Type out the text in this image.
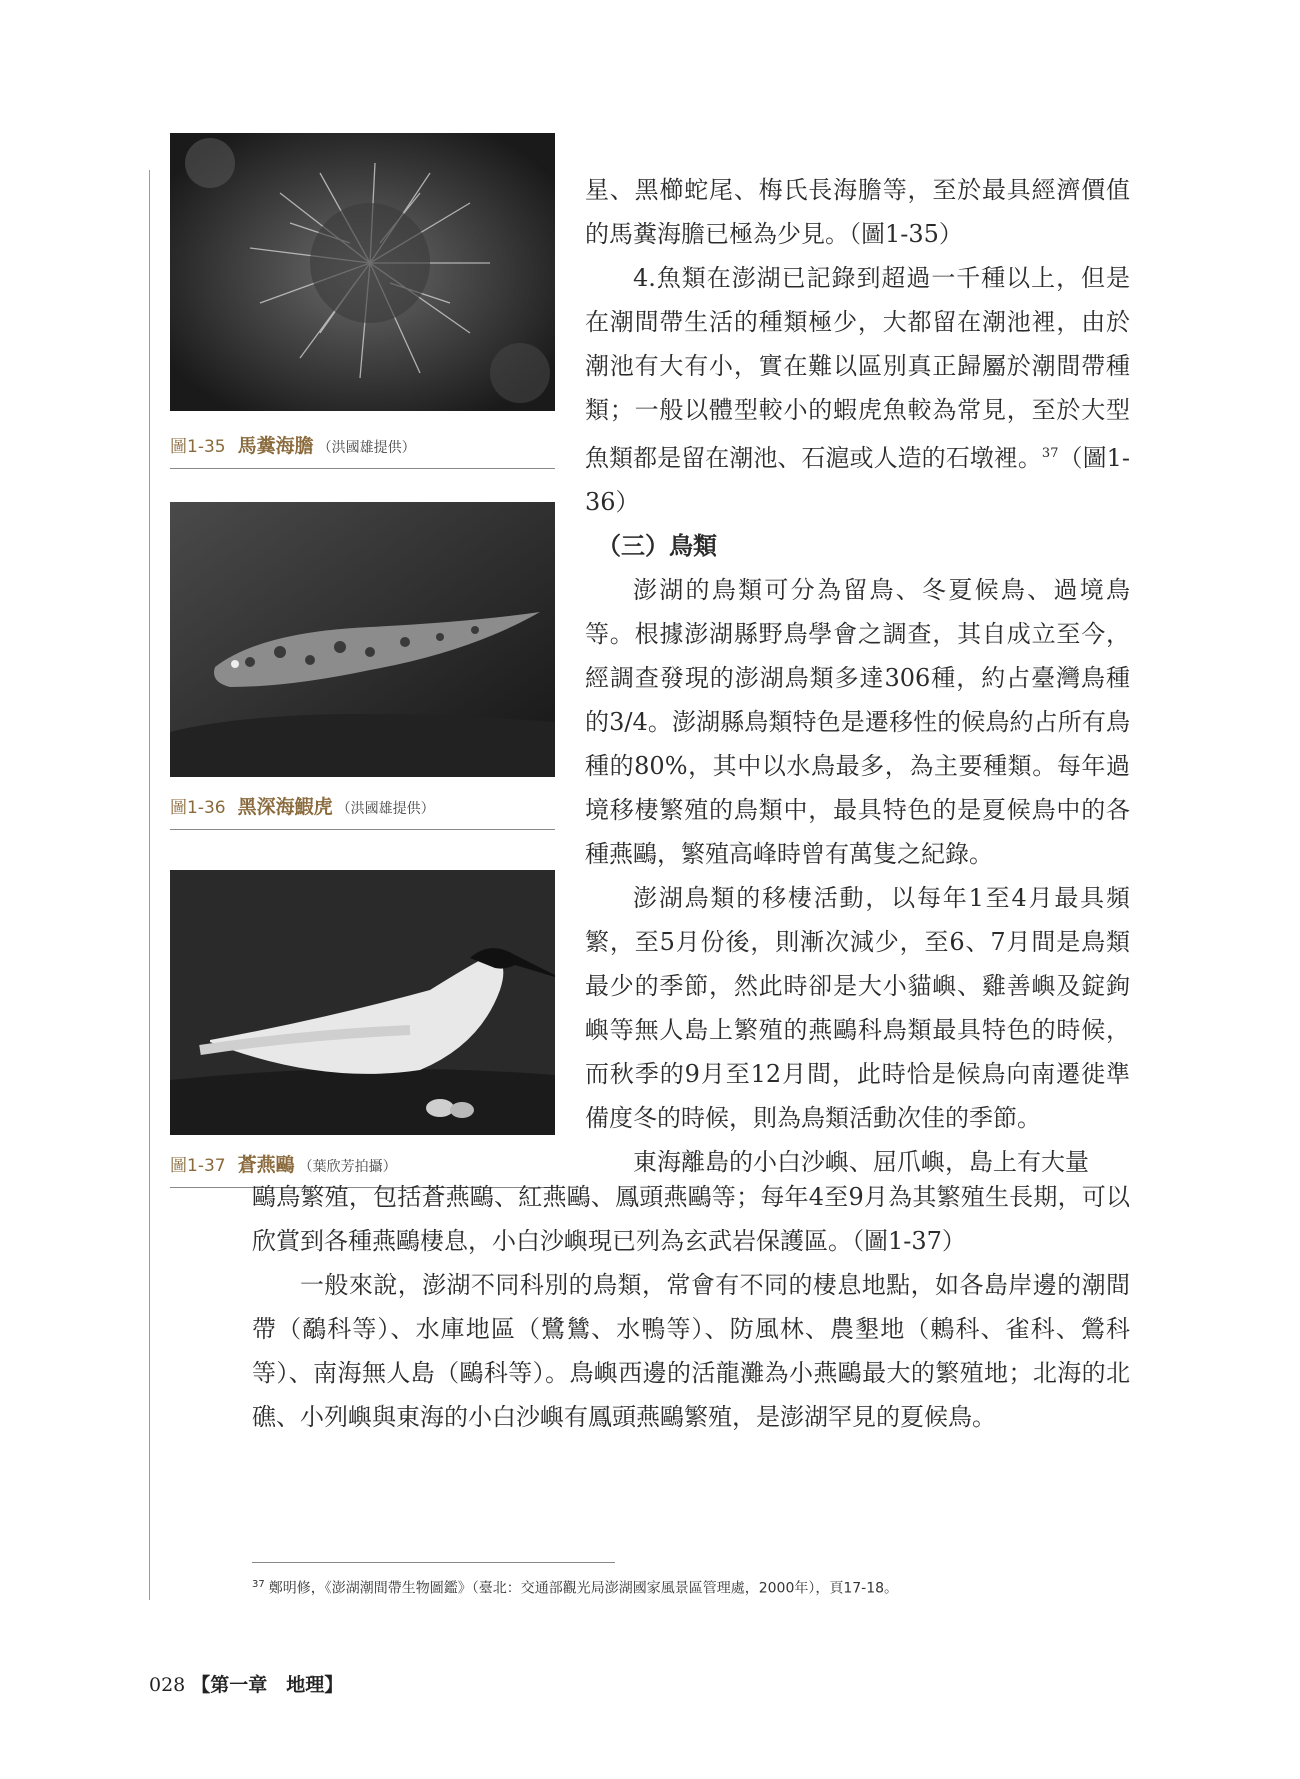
圖1-35 馬糞海膽 （洪國雄提供）
圖1-36 黑深海鰕虎 （洪國雄提供）
圖1-37 蒼燕鷗 （葉欣芳拍攝）

星、黑櫛蛇尾、梅氏長海膽等，至於最具經濟價值的馬糞海膽已極為少見。（圖1-35）

4.魚類在澎湖已記錄到超過一千種以上，但是在潮間帶生活的種類極少，大都留在潮池裡，由於潮池有大有小，實在難以區別真正歸屬於潮間帶種類；一般以體型較小的蝦虎魚較為常見，至於大型魚類都是留在潮池、石滬或人造的石墩裡。$^{37}$（圖1-36）

（三）鳥類

澎湖的鳥類可分為留鳥、冬夏候鳥、過境鳥等。根據澎湖縣野鳥學會之調查，其自成立至今，經調查發現的澎湖鳥類多達306種，約占臺灣鳥種的3/4。澎湖縣鳥類特色是遷移性的候鳥約占所有鳥種的80%，其中以水鳥最多，為主要種類。每年過境移棲繁殖的鳥類中，最具特色的是夏候鳥中的各種燕鷗，繁殖高峰時曾有萬隻之紀錄。

澎湖鳥類的移棲活動，以每年1至4月最具頻繁，至5月份後，則漸次減少，至6、7月間是鳥類最少的季節，然此時卻是大小貓嶼、雞善嶼及錠鉤嶼等無人島上繁殖的燕鷗科鳥類最具特色的時候，而秋季的9月至12月間，此時恰是候鳥向南遷徙準備度冬的時候，則為鳥類活動次佳的季節。

東海離島的小白沙嶼、屈爪嶼，島上有大量

鷗鳥繁殖，包括蒼燕鷗、紅燕鷗、鳳頭燕鷗等；每年4至9月為其繁殖生長期，可以欣賞到各種燕鷗棲息，小白沙嶼現已列為玄武岩保護區。（圖1-37）

一般來說，澎湖不同科別的鳥類，常會有不同的棲息地點，如各島岸邊的潮間帶（鷸科等）、水庫地區（鷺鷥、水鴨等）、防風林、農墾地（鶇科、雀科、鶯科等）、南海無人島（鷗科等）。鳥嶼西邊的活龍灘為小燕鷗最大的繁殖地；北海的北礁、小列嶼與東海的小白沙嶼有鳳頭燕鷗繁殖，是澎湖罕見的夏候鳥。

$^{37}$ 鄭明修，《澎湖潮間帶生物圖鑑》（臺北：交通部觀光局澎湖國家風景區管理處，2000年），頁17-18。
028 【第一章　地理】
